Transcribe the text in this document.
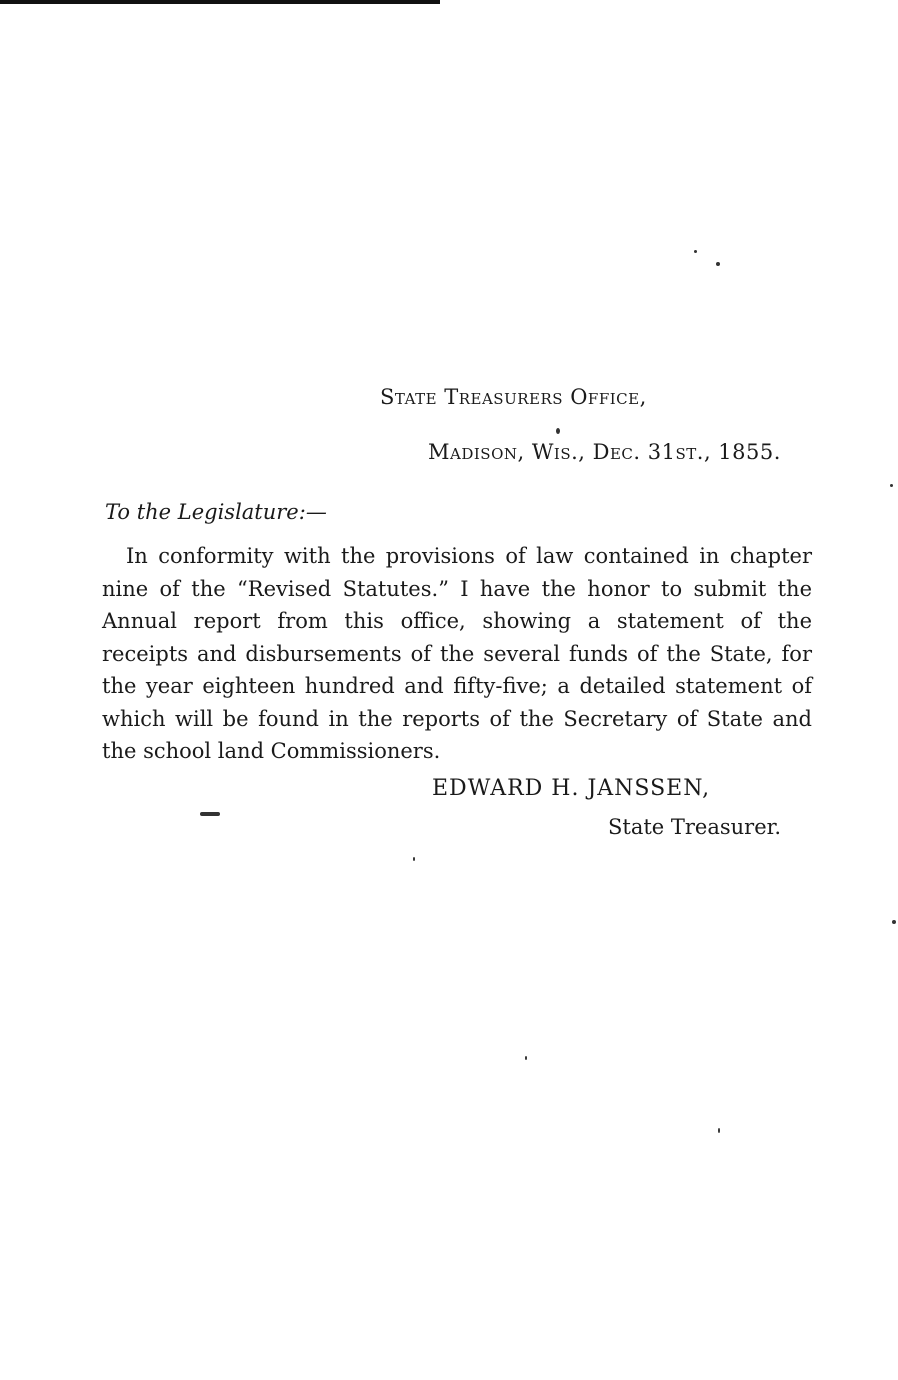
State Treasurers Office,
Madison, Wis., Dec. 31st., 1855.
To the Legislature:—
In conformity with the provisions of law contained in chapter nine of the “Revised Statutes.” I have the honor to submit the Annual report from this office, showing a statement of the receipts and disbursements of the several funds of the State, for the year eighteen hundred and fifty-five; a detailed statement of which will be found in the reports of the Secretary of State and the school land Commissioners.
EDWARD H. JANSSEN,
State Treasurer.
